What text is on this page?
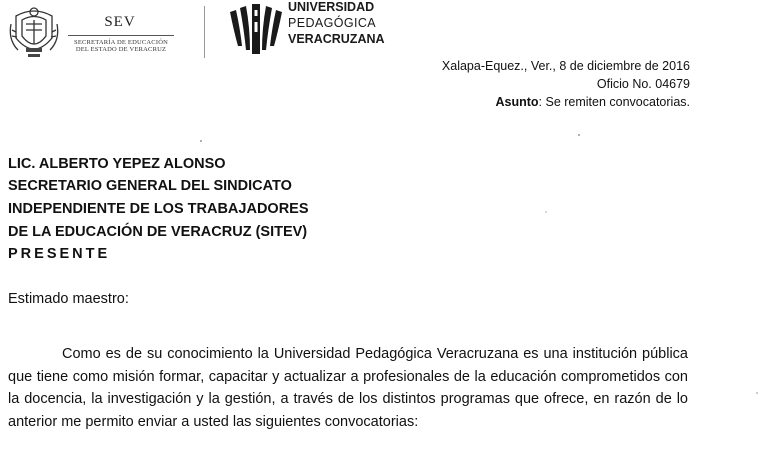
SEV
SECRETARÍA DE EDUCACIÓN
DEL ESTADO DE VERACRUZ
UNIVERSIDAD
PEDAGÓGICA
VERACRUZANA
Xalapa-Equez., Ver., 8 de diciembre de 2016
Oficio No. 04679
Asunto: Se remiten convocatorias.
LIC. ALBERTO YEPEZ ALONSO
SECRETARIO GENERAL DEL SINDICATO
INDEPENDIENTE DE LOS TRABAJADORES
DE LA EDUCACIÓN DE VERACRUZ (SITEV)
PRESENTE
Estimado maestro:

Como es de su conocimiento la Universidad Pedagógica Veracruzana es una institución pública que tiene como misión formar, capacitar y actualizar a profesionales de la educación comprometidos con la docencia, la investigación y la gestión, a través de los distintos programas que ofrece, en razón de lo anterior me permito enviar a usted las siguientes convocatorias:
